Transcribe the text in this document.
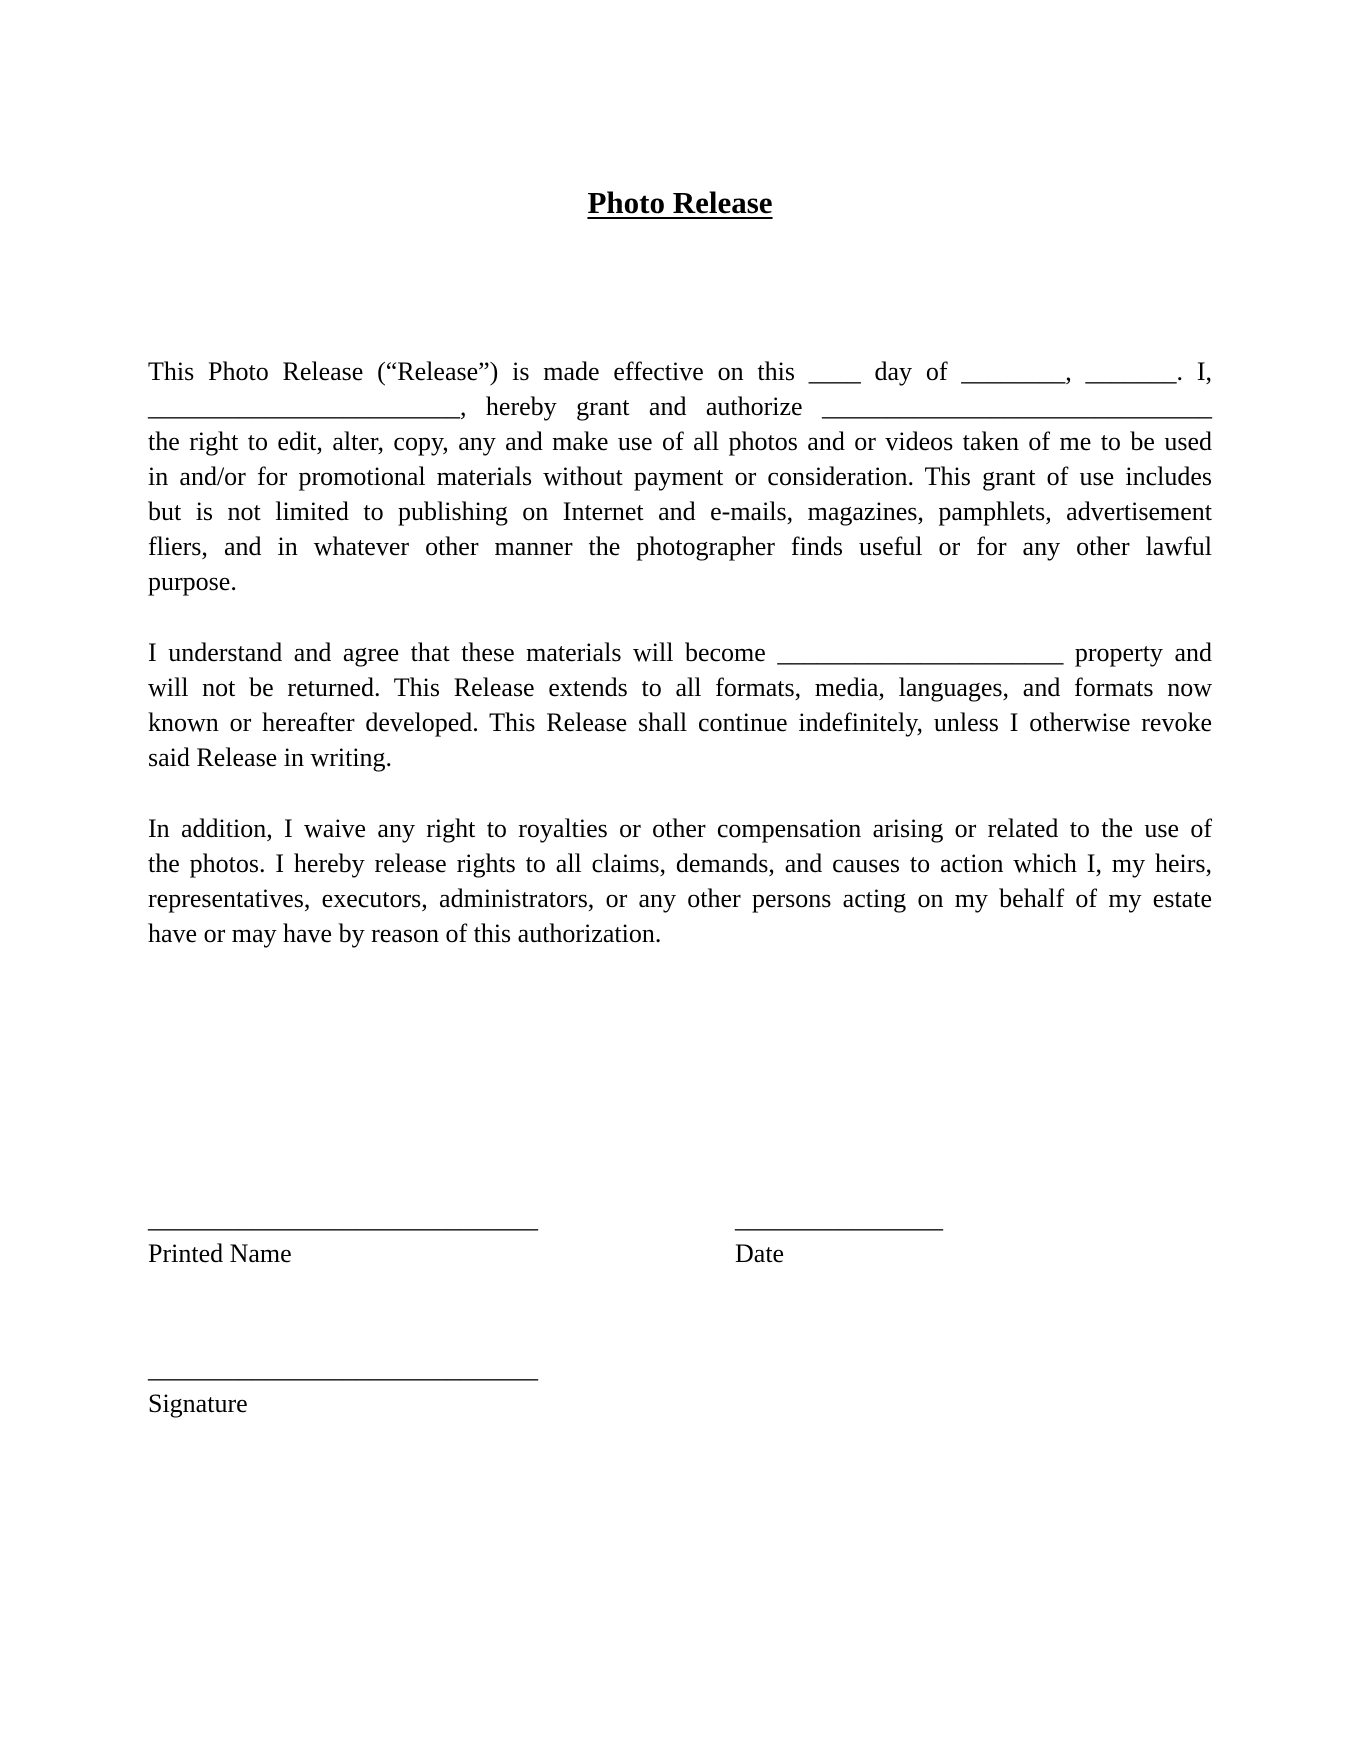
Photo Release
This Photo Release (“Release”) is made effective on this ____ day of ________, _______. I,
________________________, hereby grant and authorize ______________________________
the right to edit, alter, copy, any and make use of all photos and or videos taken of me to be used
in and/or for promotional materials without payment or consideration. This grant of use includes
but is not limited to publishing on Internet and e-mails, magazines, pamphlets, advertisement
fliers, and in whatever other manner the photographer finds useful or for any other lawful
purpose.
I understand and agree that these materials will become ______________________ property and
will not be returned. This Release extends to all formats, media, languages, and formats now
known or hereafter developed. This Release shall continue indefinitely, unless I otherwise revoke
said Release in writing.
In addition, I waive any right to royalties or other compensation arising or related to the use of
the photos. I hereby release rights to all claims, demands, and causes to action which I, my heirs,
representatives, executors, administrators, or any other persons acting on my behalf of my estate
have or may have by reason of this authorization.
______________________________
Printed Name
________________
Date
______________________________
Signature
